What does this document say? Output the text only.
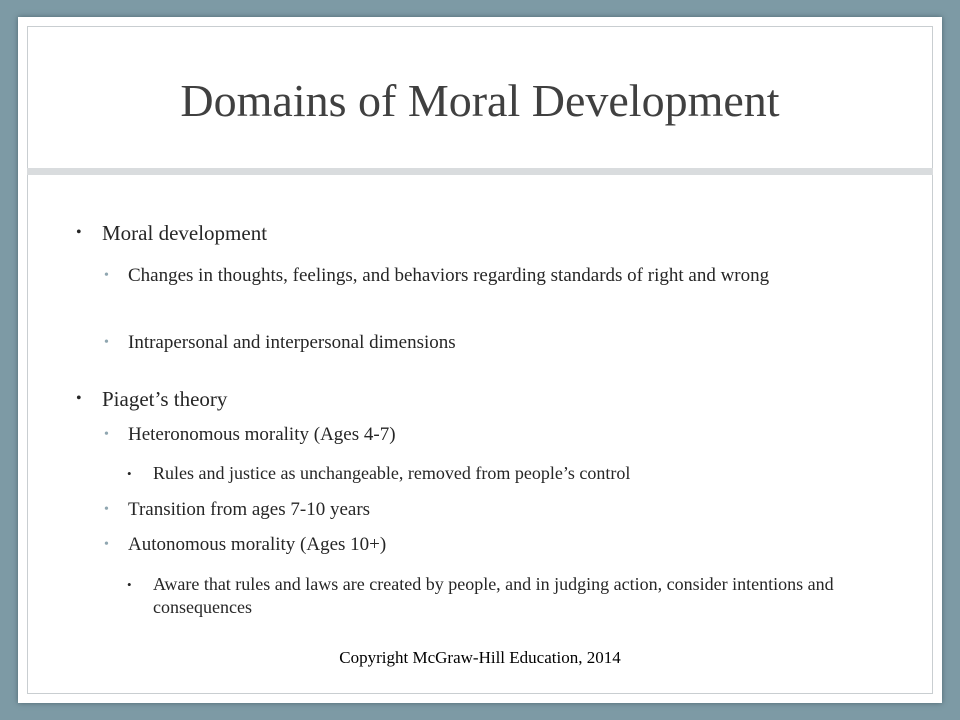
Domains of Moral Development
• Moral development
• Changes in thoughts, feelings, and behaviors regarding standards of right and wrong
• Intrapersonal and interpersonal dimensions
• Piaget’s theory
• Heteronomous morality (Ages 4-7)
• Rules and justice as unchangeable, removed from people’s control
• Transition from ages 7-10 years
• Autonomous morality (Ages 10+)
• Aware that rules and laws are created by people, and in judging action, consider intentions and consequences
Copyright McGraw-Hill Education, 2014
